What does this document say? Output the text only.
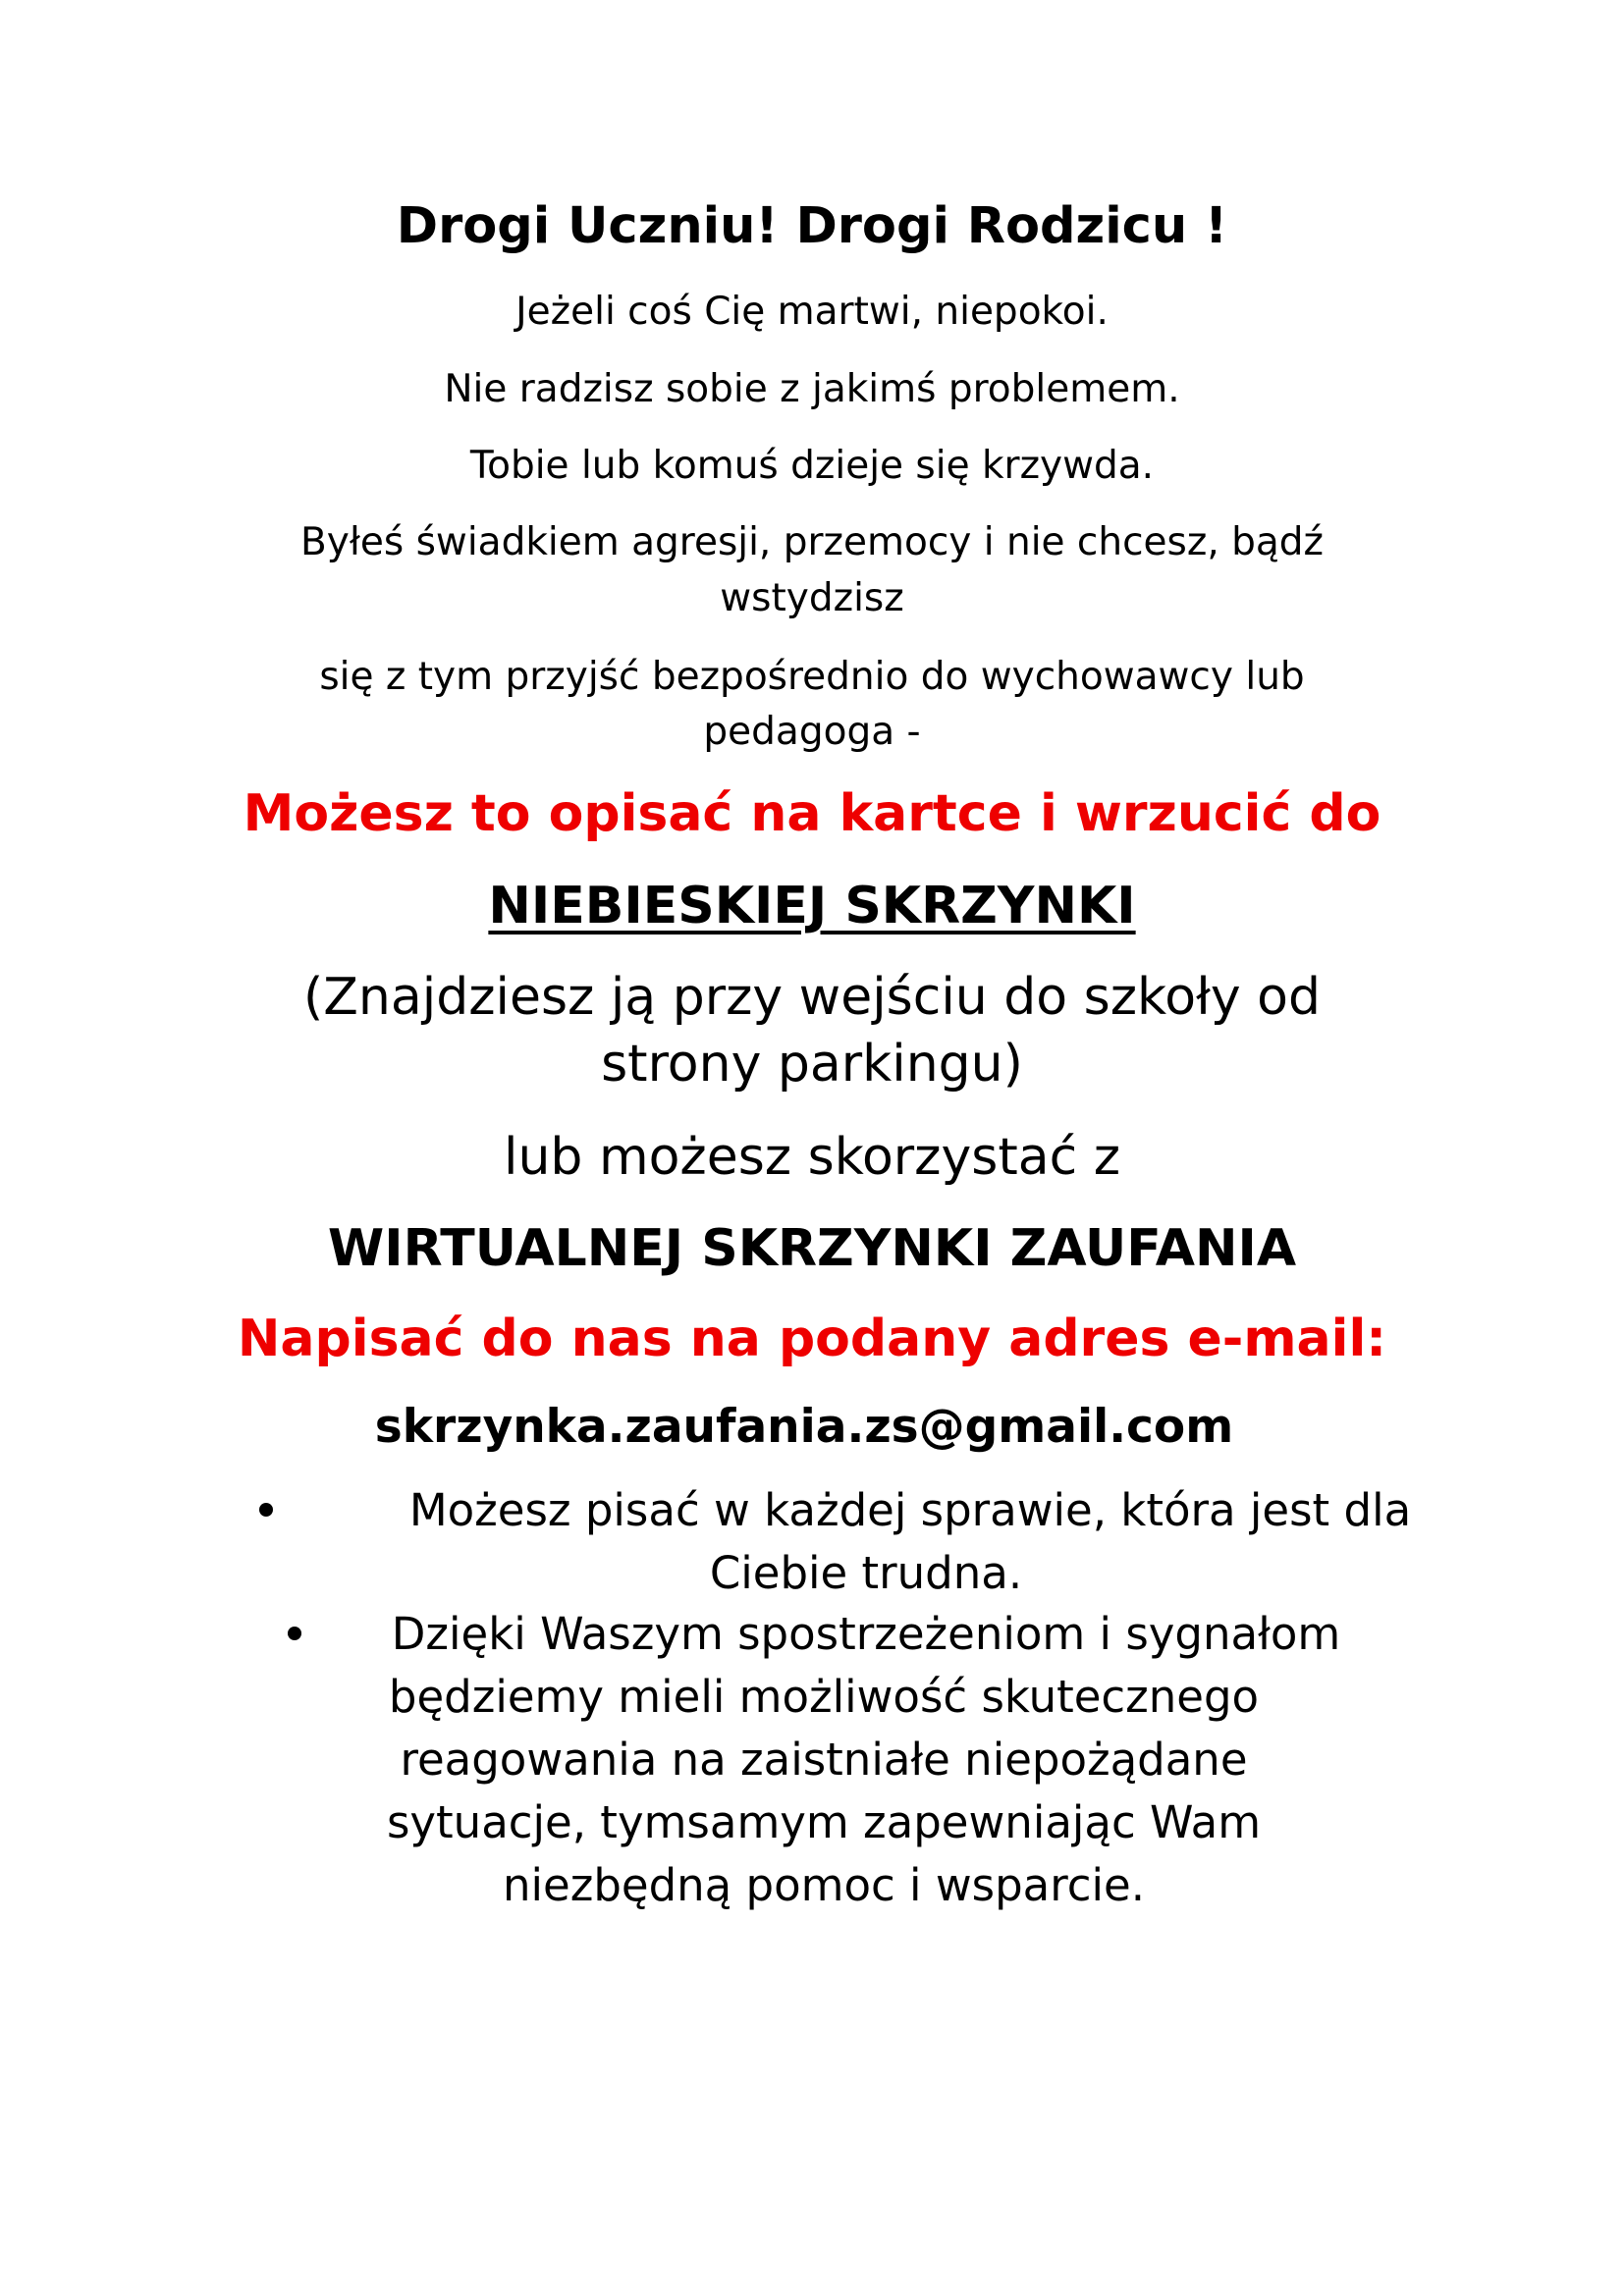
Drogi Uczniu! Drogi Rodzicu !

Jeżeli coś Cię martwi, niepokoi.

Nie radzisz sobie z jakimś problemem.

Tobie lub komuś dzieje się krzywda.

Byłeś świadkiem agresji, przemocy i nie chcesz, bądź

wstydzisz

się z tym przyjść bezpośrednio do wychowawcy lub

pedagoga -

Możesz to opisać na kartce i wrzucić do

NIEBIESKIEJ SKRZYNKI

(Znajdziesz ją przy wejściu do szkoły od

strony parkingu)

lub możesz skorzystać z

WIRTUALNEJ SKRZYNKI ZAUFANIA

Napisać do nas na podany adres e-mail:

skrzynka.zaufania.zs@gmail.com

Możesz pisać w każdej sprawie, która jest dla

Ciebie trudna.

Dzięki Waszym spostrzeżeniom i sygnałom

będziemy mieli możliwość skutecznego

reagowania na zaistniałe niepożądane

sytuacje, tymsamym zapewniając Wam

niezbędną pomoc i wsparcie.
